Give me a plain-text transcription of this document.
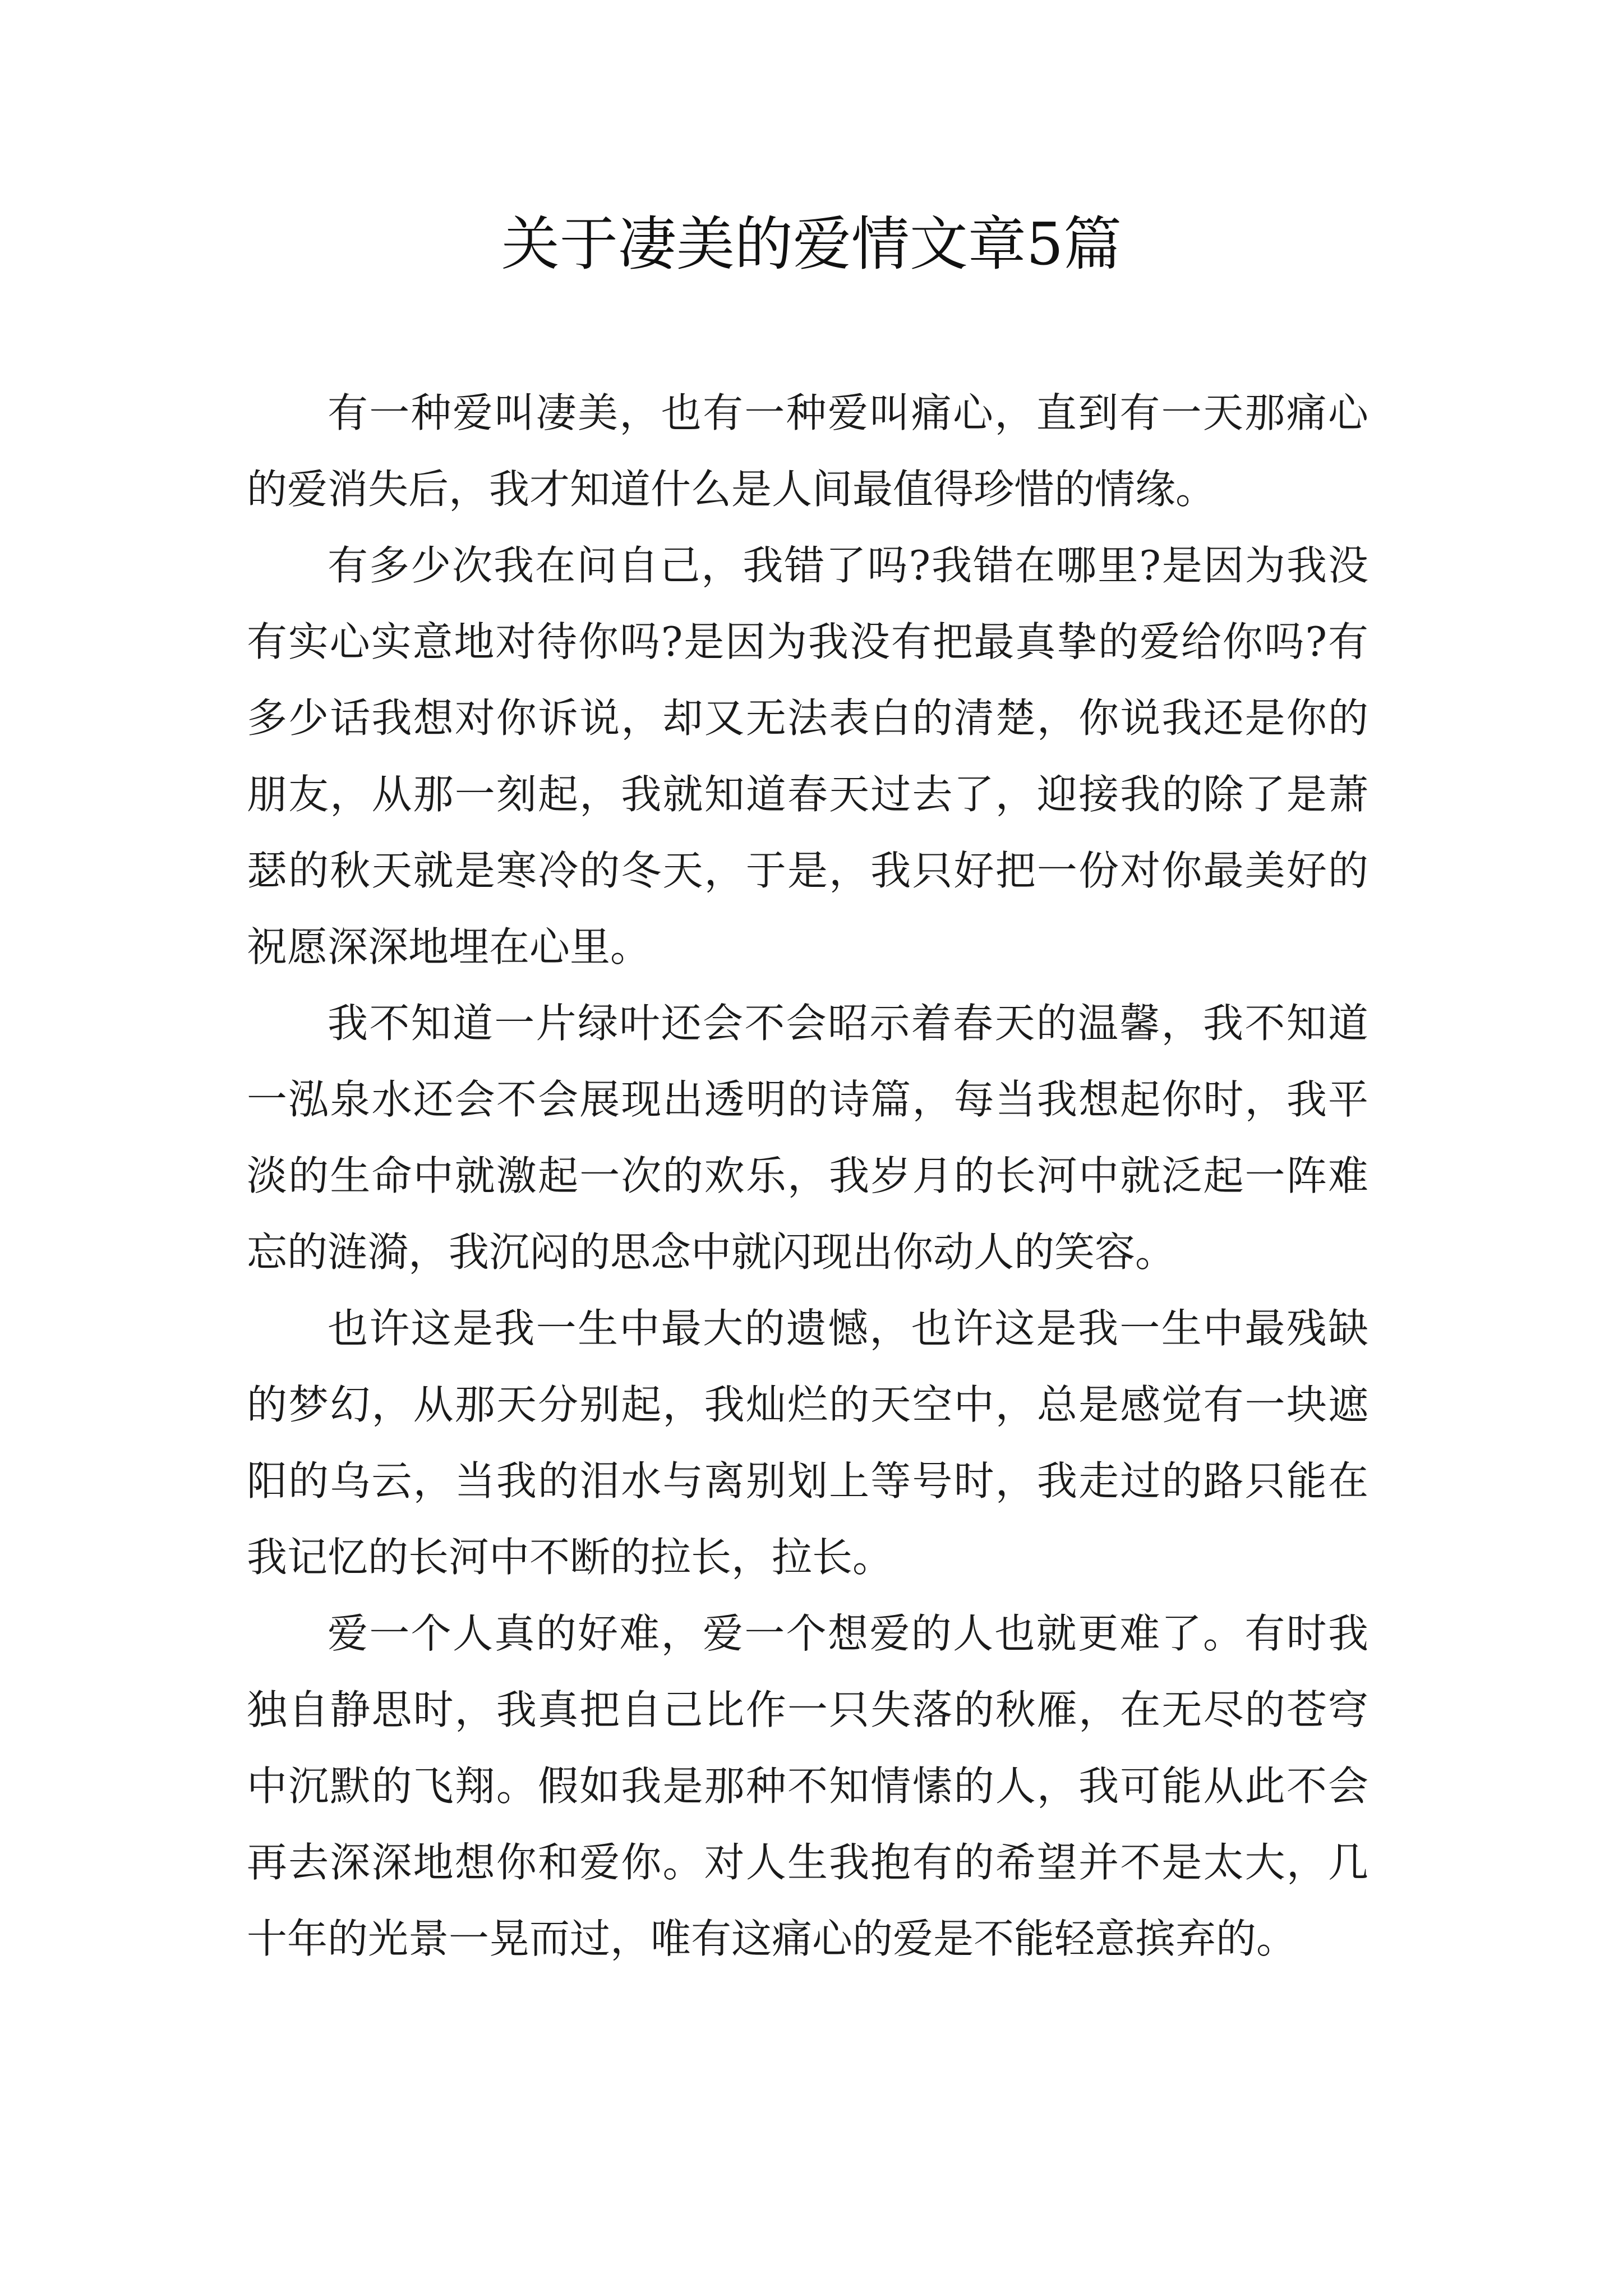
关于凄美的爱情文章5篇

有一种爱叫凄美，也有一种爱叫痛心，直到有一天那痛心的爱消失后，我才知道什么是人间最值得珍惜的情缘。

有多少次我在问自己，我错了吗?我错在哪里?是因为我没有实心实意地对待你吗?是因为我没有把最真挚的爱给你吗?有多少话我想对你诉说，却又无法表白的清楚，你说我还是你的朋友，从那一刻起，我就知道春天过去了，迎接我的除了是萧瑟的秋天就是寒冷的冬天，于是，我只好把一份对你最美好的祝愿深深地埋在心里。

我不知道一片绿叶还会不会昭示着春天的温馨，我不知道一泓泉水还会不会展现出透明的诗篇，每当我想起你时，我平淡的生命中就激起一次的欢乐，我岁月的长河中就泛起一阵难忘的涟漪，我沉闷的思念中就闪现出你动人的笑容。

也许这是我一生中最大的遗憾，也许这是我一生中最残缺的梦幻，从那天分别起，我灿烂的天空中，总是感觉有一块遮阳的乌云，当我的泪水与离别划上等号时，我走过的路只能在我记忆的长河中不断的拉长，拉长。

爱一个人真的好难，爱一个想爱的人也就更难了。有时我独自静思时，我真把自己比作一只失落的秋雁，在无尽的苍穹中沉默的飞翔。假如我是那种不知情愫的人，我可能从此不会再去深深地想你和爱你。对人生我抱有的希望并不是太大，几十年的光景一晃而过，唯有这痛心的爱是不能轻意摈弃的。
